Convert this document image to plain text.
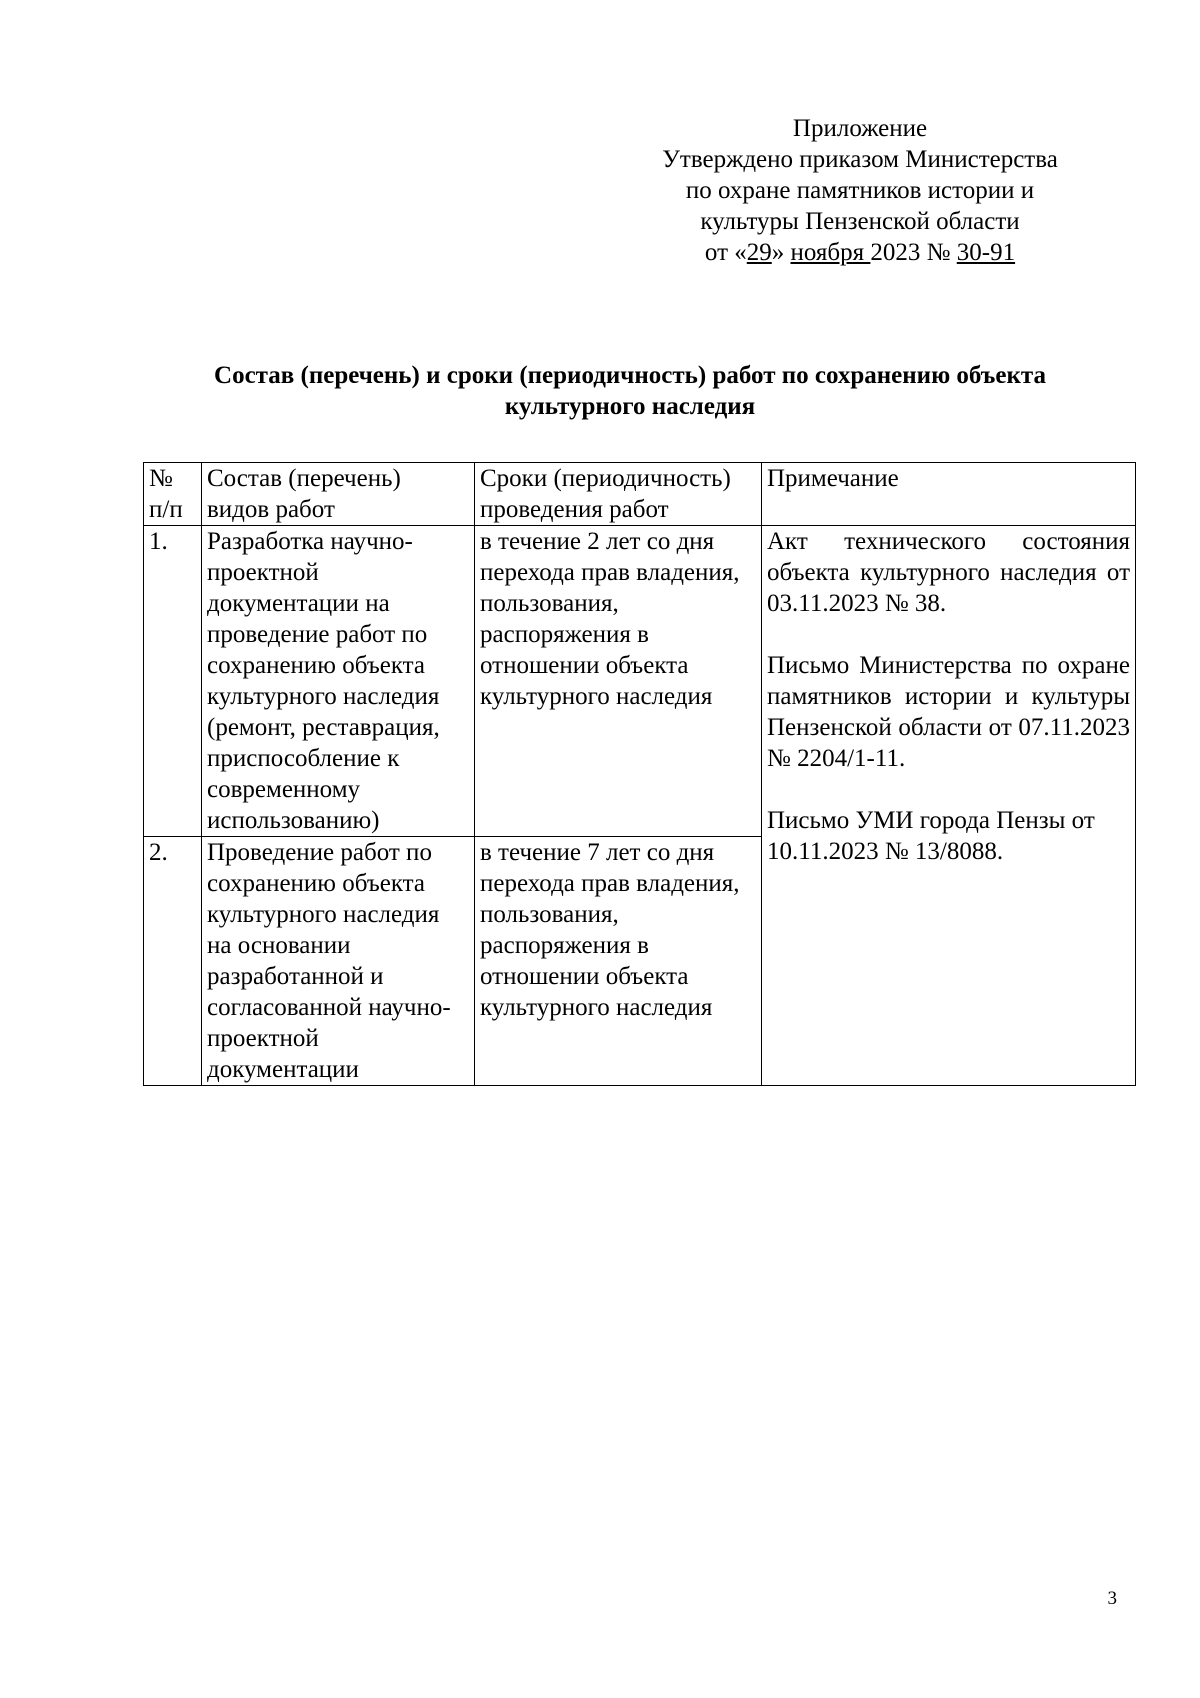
Приложение
Утверждено приказом Министерства
по охране памятников истории и
культуры Пензенской области
от «29» ноября 2023 № 30-91
Состав (перечень) и сроки (периодичность) работ по сохранению объекта
культурного наследия
№
п/п	Состав (перечень) видов работ	Сроки (периодичность) проведения работ	Примечание
1.	Разработка научно-проектной документации на проведение работ по сохранению объекта культурного наследия (ремонт, реставрация, приспособление к современному использованию)	в течение 2 лет со дня перехода прав владения, пользования, распоряжения в отношении объекта культурного наследия	Акт технического состояния объекта культурного наследия от 03.11.2023 № 38.

Письмо Министерства по охране памятников истории и культуры Пензенской области от 07.11.2023 № 2204/1-11.

Письмо УМИ города Пензы от 10.11.2023 № 13/8088.

2.	Проведение работ по сохранению объекта культурного наследия на основании разработанной и согласованной научно-проектной документации	в течение 7 лет со дня перехода прав владения, пользования, распоряжения в отношении объекта культурного наследия	
3
